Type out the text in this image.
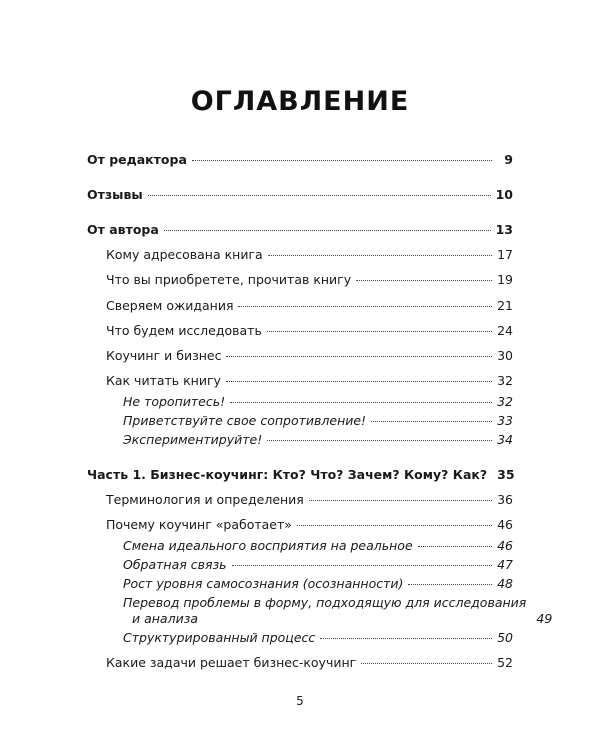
ОГЛАВЛЕНИЕ
От редактора	9
Отзывы	10
От автора	13
Кому адресована книга	17
Что вы приобретете, прочитав книгу	19
Сверяем ожидания	21
Что будем исследовать	24
Коучинг и бизнес	30
Как читать книгу	32
Не торопитесь!	32
Приветствуйте свое сопротивление!	33
Экспериментируйте!	34
Часть 1. Бизнес-коучинг: Кто? Что? Зачем? Кому? Как? 35
Терминология и определения	36
Почему коучинг «работает»	46
Смена идеального восприятия на реальное	46
Обратная связь	47
Рост уровня самосознания (осознанности)	48
Перевод проблемы в форму, подходящую для исследования
и анализа	49
Структурированный процесс	50
Какие задачи решает бизнес-коучинг	52
5
